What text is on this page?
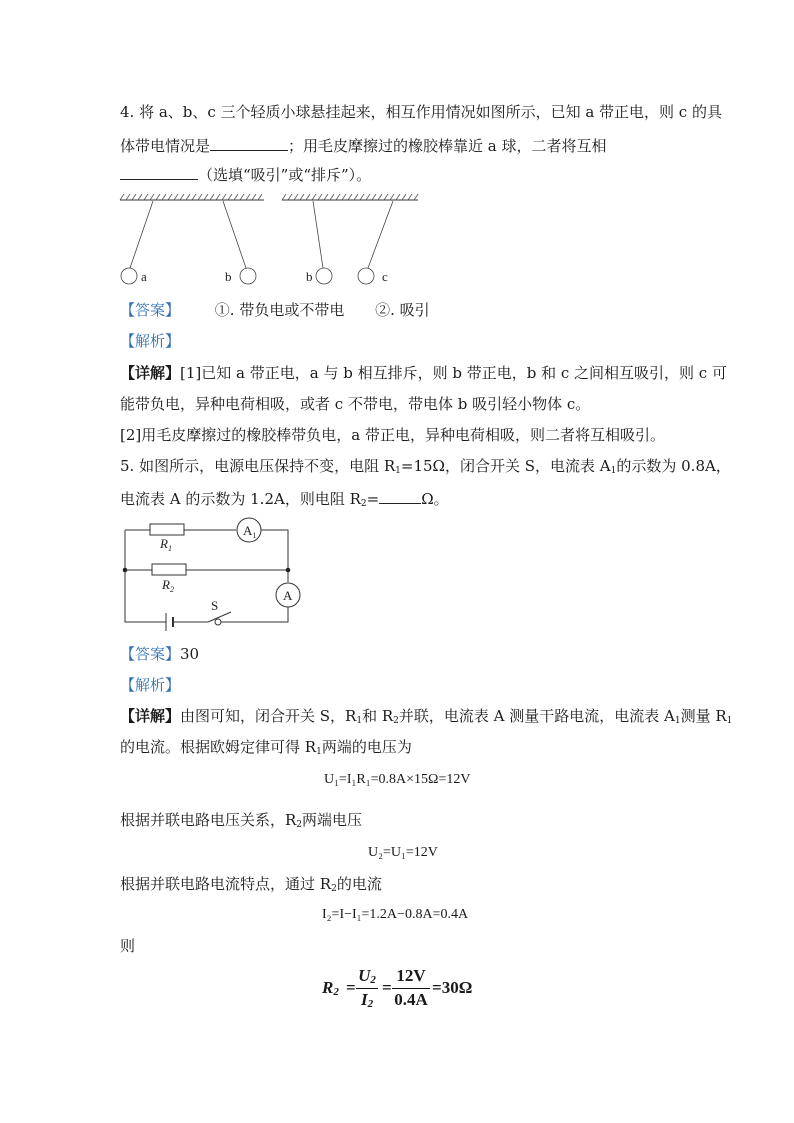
4. 将 a、b、c 三个轻质小球悬挂起来，相互作用情况如图所示，已知 a 带正电，则 c 的具
体带电情况是	；用毛皮摩擦过的橡胶棒靠近 a 球，二者将互相
（选填“吸引”或“排斥”）。
a	b	b	c
【答案】 ①. 带负电或不带电 ②. 吸引
【解析】
【详解】[1]已知 a 带正电，a 与 b 相互排斥，则 b 带正电，b 和 c 之间相互吸引，则 c 可
能带负电，异种电荷相吸，或者 c 不带电，带电体 b 吸引轻小物体 c。
[2]用毛皮摩擦过的橡胶棒带负电，a 带正电，异种电荷相吸，则二者将互相吸引。
5. 如图所示，电源电压保持不变，电阻 $R_1=15\Omega$，闭合开关 S，电流表 $A_1$的示数为 0.8A，
电流表 A 的示数为 1.2A，则电阻 $R_2=$	Ω。
$R_1$
$R_2$
$A_1$
A
S
【答案】30
【解析】
【详解】由图可知，闭合开关 S，$R_1$和 $R_2$并联，电流表 A 测量干路电流，电流表 $A_1$测量 $R_1$
的电流。根据欧姆定律可得 $R_1$两端的电压为
U₁=I₁R₁=0.8A×15Ω=12V
根据并联电路电压关系，$R_2$两端电压
U₂=U₁=12V
根据并联电路电流特点，通过 $R_2$的电流
I₂=I−I₁=1.2A−0.8A=0.4A
则
$R_2$ =
$U_2$
$I_2$
=
12V
0.4A
=30Ω
